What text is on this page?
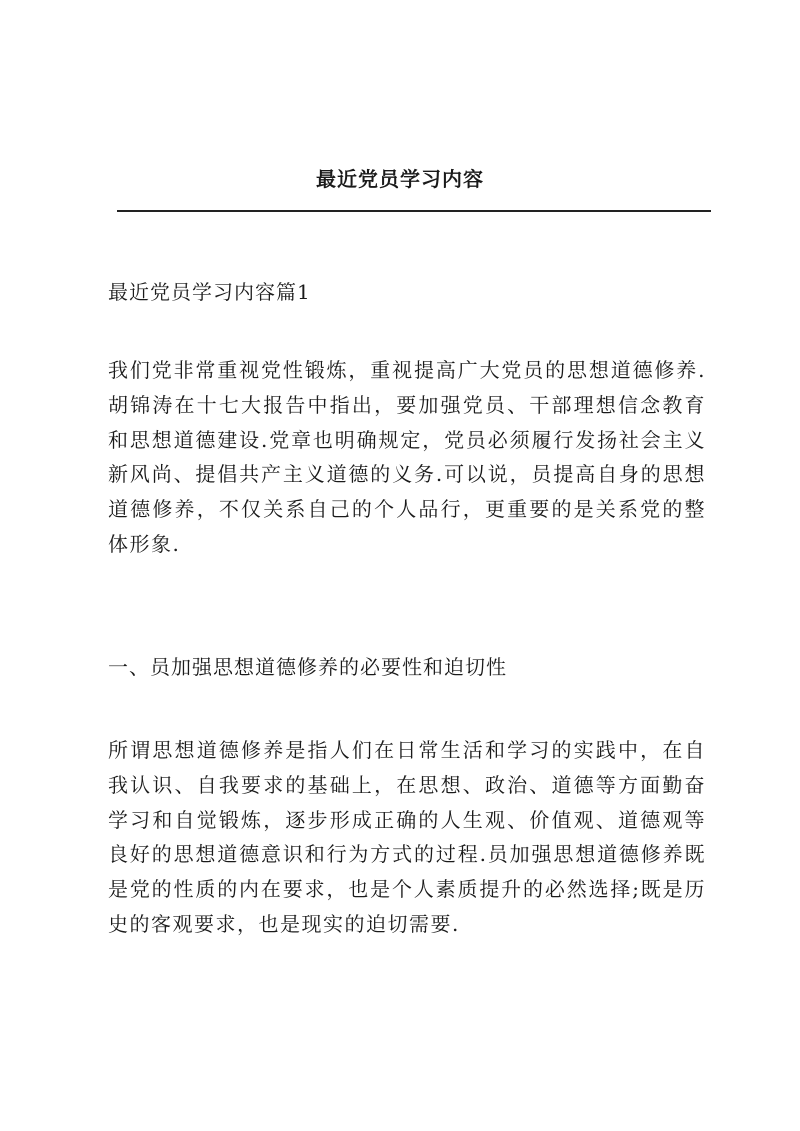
最近党员学习内容
最近党员学习内容篇1

我们党非常重视党性锻炼，重视提高广大党员的思想道德修养.胡锦涛在十七大报告中指出，要加强党员、干部理想信念教育和思想道德建设.党章也明确规定，党员必须履行发扬社会主义新风尚、提倡共产主义道德的义务.可以说，员提高自身的思想道德修养，不仅关系自己的个人品行，更重要的是关系党的整体形象.

一、员加强思想道德修养的必要性和迫切性

所谓思想道德修养是指人们在日常生活和学习的实践中，在自我认识、自我要求的基础上，在思想、政治、道德等方面勤奋学习和自觉锻炼，逐步形成正确的人生观、价值观、道德观等良好的思想道德意识和行为方式的过程.员加强思想道德修养既是党的性质的内在要求，也是个人素质提升的必然选择;既是历史的客观要求，也是现实的迫切需要.
